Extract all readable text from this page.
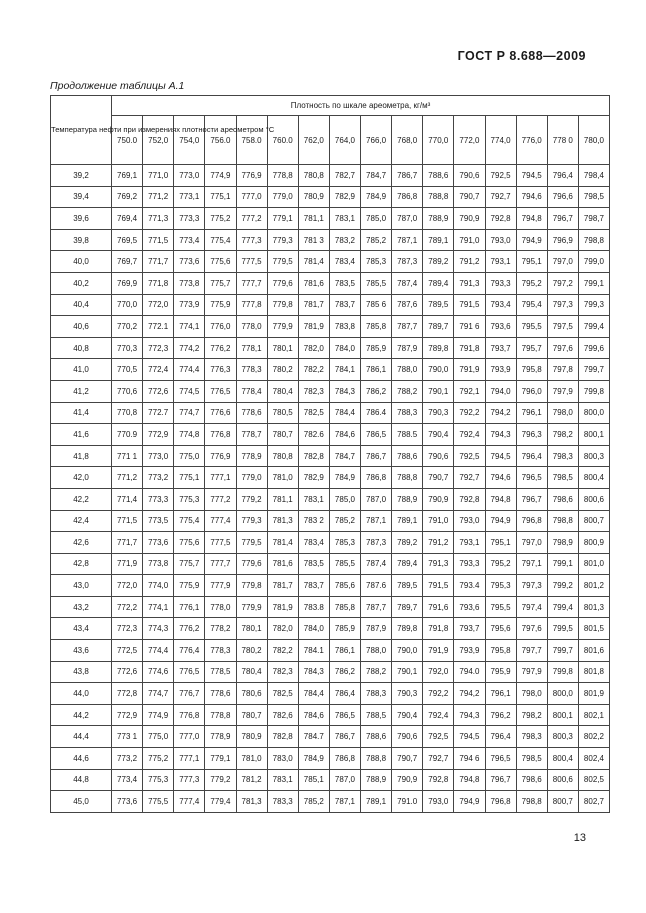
ГОСТ Р 8.688—2009
Продолжение таблицы А.1
Температура нефти при измерениях плотности ареометром °С	Плотность по шкале ареометра, кг/м³															
	750.0	752,0	754,0	756.0	758.0	760.0	762,0	764,0	766,0	768,0	770,0	772,0	774,0	776,0	778 0	780,0
39,2	769,1	771,0	773,0	774,9	776,9	778,8	780,8	782,7	784,7	786,7	788,6	790,6	792,5	794,5	796,4	798,4
39,4	769,2	771,2	773,1	775,1	777,0	779,0	780,9	782,9	784,9	786,8	788,8	790,7	792,7	794,6	796,6	798,5
39,6	769,4	771,3	773,3	775,2	777,2	779,1	781,1	783,1	785,0	787,0	788,9	790,9	792,8	794,8	796,7	798,7
39,8	769,5	771,5	773,4	775,4	777,3	779,3	781 3	783,2	785,2	787,1	789,1	791,0	793,0	794,9	796,9	798,8
40,0	769,7	771,7	773,6	775,6	777,5	779,5	781,4	783,4	785,3	787,3	789,2	791,2	793,1	795,1	797,0	799,0
40,2	769,9	771,8	773,8	775,7	777,7	779,6	781,6	783,5	785,5	787,4	789,4	791,3	793,3	795,2	797,2	799,1
40,4	770,0	772,0	773,9	775,9	777,8	779,8	781,7	783,7	785 6	787,6	789,5	791,5	793,4	795,4	797,3	799,3
40,6	770,2	772.1	774,1	776,0	778,0	779,9	781,9	783,8	785,8	787,7	789,7	791 6	793,6	795,5	797,5	799,4
40,8	770,3	772,3	774,2	776,2	778,1	780,1	782,0	784,0	785,9	787,9	789,8	791,8	793,7	795,7	797,6	799,6
41,0	770,5	772,4	774,4	776,3	778,3	780,2	782,2	784,1	786,1	788,0	790,0	791,9	793,9	795,8	797,8	799,7
41,2	770,6	772,6	774,5	776,5	778,4	780,4	782,3	784,3	786,2	788,2	790,1	792,1	794,0	796,0	797,9	799,8
41,4	770,8	772.7	774,7	776,6	778,6	780,5	782,5	784,4	786.4	788,3	790,3	792,2	794,2	796,1	798,0	800,0
41,6	770.9	772,9	774,8	776,8	778,7	780,7	782.6	784,6	786,5	788.5	790,4	792,4	794,3	796,3	798,2	800,1
41,8	771 1	773,0	775,0	776,9	778,9	780,8	782,8	784,7	786,7	788,6	790,6	792,5	794,5	796,4	798,3	800,3
42,0	771,2	773,2	775,1	777,1	779,0	781,0	782,9	784,9	786,8	788,8	790,7	792,7	794,6	796,5	798,5	800,4
42,2	771,4	773,3	775,3	777,2	779,2	781,1	783,1	785,0	787,0	788,9	790,9	792,8	794,8	796,7	798,6	800,6
42,4	771,5	773,5	775,4	777,4	779,3	781,3	783 2	785,2	787,1	789,1	791,0	793,0	794,9	796,8	798,8	800,7
42,6	771,7	773,6	775,6	777,5	779,5	781,4	783,4	785,3	787,3	789,2	791,2	793,1	795,1	797,0	798,9	800,9
42,8	771,9	773,8	775,7	777,7	779,6	781,6	783,5	785,5	787,4	789,4	791,3	793,3	795,2	797,1	799,1	801,0
43,0	772,0	774,0	775,9	777,9	779,8	781,7	783,7	785,6	787.6	789,5	791,5	793.4	795,3	797,3	799,2	801,2
43,2	772,2	774,1	776,1	778,0	779,9	781,9	783.8	785,8	787,7	789,7	791,6	793,6	795,5	797,4	799,4	801,3
43,4	772,3	774,3	776,2	778,2	780,1	782,0	784,0	785,9	787,9	789,8	791,8	793,7	795,6	797,6	799,5	801,5
43,6	772,5	774,4	776,4	778,3	780,2	782,2	784.1	786,1	788,0	790,0	791,9	793,9	795,8	797,7	799,7	801,6
43,8	772,6	774,6	776,5	778,5	780,4	782,3	784,3	786,2	788,2	790,1	792,0	794.0	795,9	797,9	799,8	801,8
44,0	772,8	774,7	776,7	778,6	780,6	782,5	784,4	786,4	788,3	790,3	792,2	794,2	796,1	798,0	800,0	801,9
44,2	772,9	774,9	776,8	778,8	780,7	782,6	784,6	786,5	788,5	790,4	792,4	794,3	796,2	798,2	800,1	802,1
44,4	773 1	775,0	777,0	778,9	780,9	782,8	784.7	786,7	788,6	790,6	792,5	794,5	796,4	798,3	800,3	802,2
44,6	773,2	775,2	777,1	779,1	781,0	783,0	784,9	786,8	788,8	790,7	792,7	794 6	796,5	798,5	800,4	802,4
44,8	773,4	775,3	777,3	779,2	781,2	783,1	785,1	787,0	788,9	790,9	792,8	794,8	796,7	798,6	800,6	802,5
45,0	773,6	775,5	777,4	779,4	781,3	783,3	785,2	787,1	789,1	791.0	793,0	794,9	796,8	798,8	800,7	802,7
13
